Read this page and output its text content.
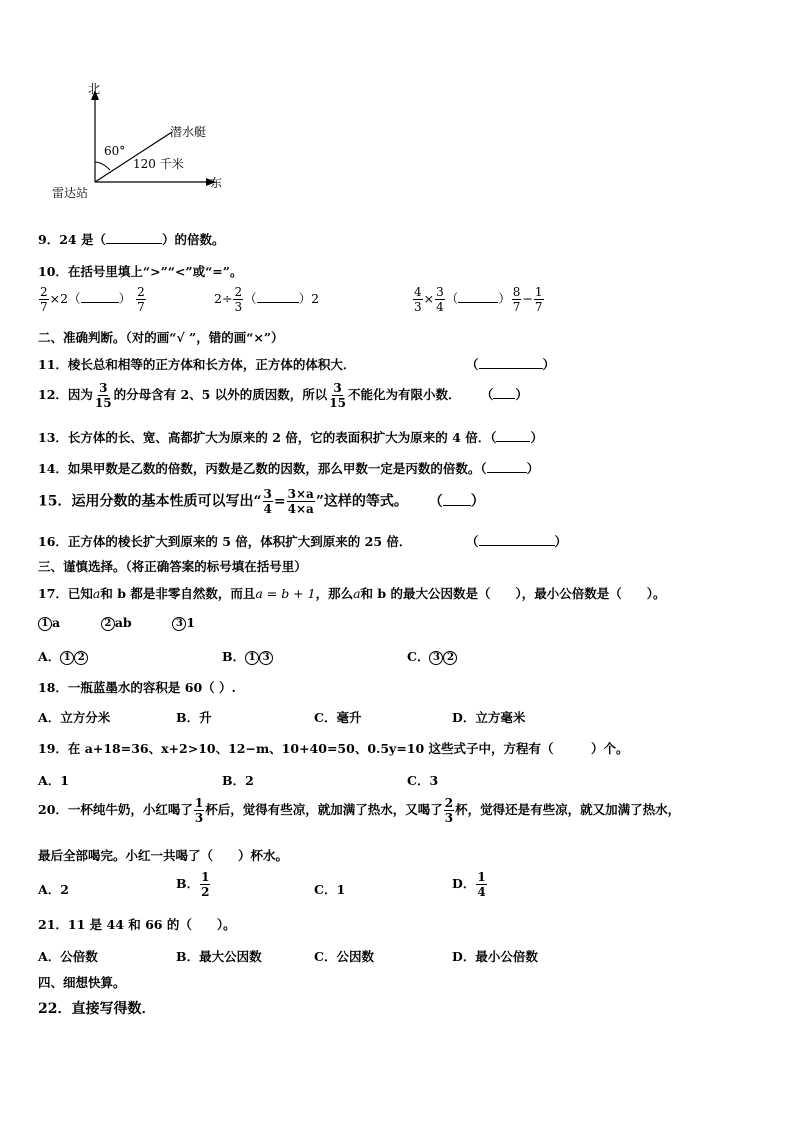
北
东
雷达站
潜水艇
60°
120 千米
9．24 是（	）的倍数。
10．在括号里填上“>”“<”或“=”。
$\frac{2}{7} \times 2$（	） $\frac{2}{7}$	$2\div \frac{2}{3}$ （	）2	$\frac{4}{3} \times \frac{3}{4}$ （	） $\frac{8}{7} - \frac{1}{7}$
二、准确判断。（对的画“√ ”，错的画“×”）
11．棱长总和相等的正方体和长方体，正方体的体积大．	（	）
12．因为 $\frac{3}{15}$ 的分母含有 2、5 以外的质因数，所以 $\frac{3}{15}$ 不能化为有限小数． （ ）
13．长方体的长、宽、高都扩大为原来的 2 倍，它的表面积扩大为原来的 4 倍．（	）
14．如果甲数是乙数的倍数，丙数是乙数的因数，那么甲数一定是丙数的倍数。（	）
15．运用分数的基本性质可以写出“ $\frac{3}{4} = \frac{3\times a}{4\times a}$ ”这样的等式。 （ ）
16．正方体的棱长扩大到原来的 5 倍，体积扩大到原来的 25 倍．	（	）
三、谨慎选择。（将正确答案的标号填在括号里）
17．已知a和 b 都是非零自然数，而且a = b + 1，那么a和 b 的最大公因数是（　　），最小公倍数是（　　）。
1 a	2 ab	3 1
A． 1 2	B． 1 3	C． 3 2
18．一瓶蓝墨水的容积是 60（ ）.
A．立方分米	B．升	C．毫升	D．立方毫米
19．在 a+18=36、x+2>10、12−m、10+40=50、0.5y=10 这些式子中，方程有（　　　）个。
A．1	B．2	C．3
20．一杯纯牛奶，小红喝了 $\frac{1}{3}$ 杯后，觉得有些凉，就加满了热水，又喝了 $\frac{2}{3}$ 杯，觉得还是有些凉，就又加满了热水，
最后全部喝完。小红一共喝了（　　）杯水。
A．2	B． $\frac{1}{2}$	C．1	D． $\frac{1}{4}$
21．11 是 44 和 66 的（　　）。
A．公倍数	B．最大公因数	C．公因数	D．最小公倍数
四、细想快算。
22．直接写得数．
